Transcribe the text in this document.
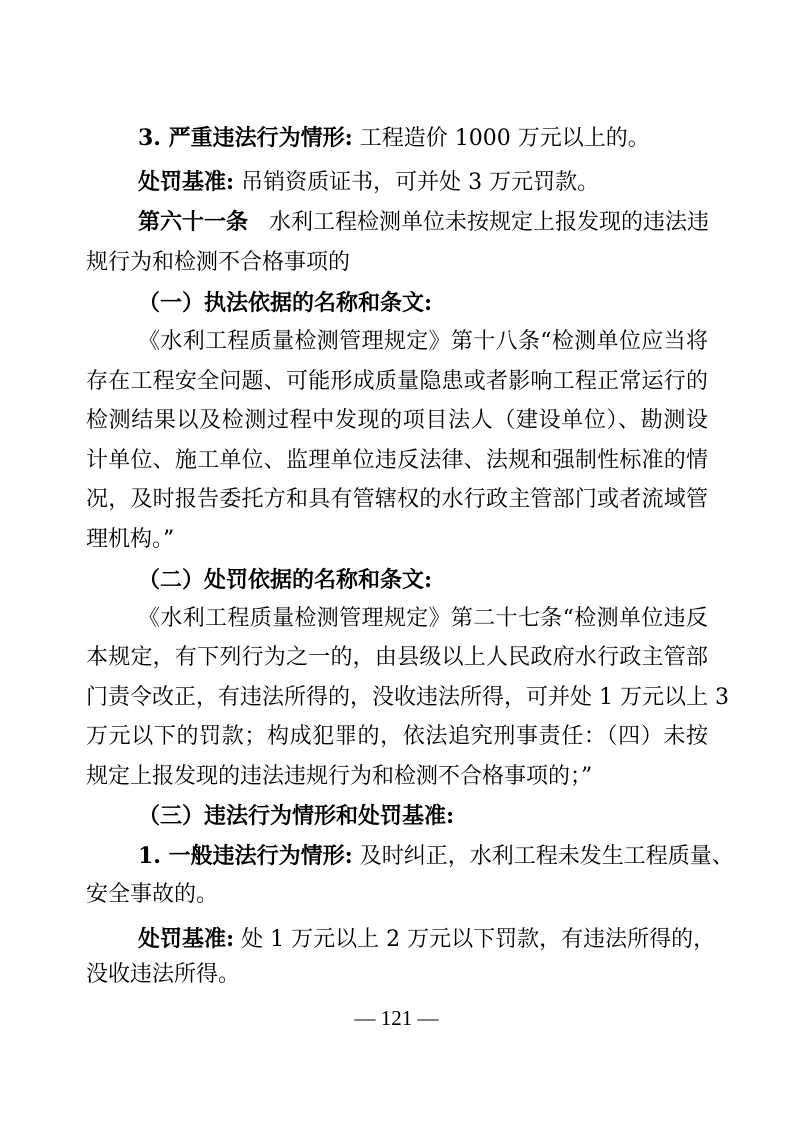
3. 严重违法行为情形: 工程造价 1000 万元以上的。
处罚基准: 吊销资质证书，可并处 3 万元罚款。
第六十一条 水利工程检测单位未按规定上报发现的违法违
规行为和检测不合格事项的
（一）执法依据的名称和条文:
《水利工程质量检测管理规定》第十八条“检测单位应当将
存在工程安全问题、可能形成质量隐患或者影响工程正常运行的
检测结果以及检测过程中发现的项目法人（建设单位）、勘测设
计单位、施工单位、监理单位违反法律、法规和强制性标准的情
况，及时报告委托方和具有管辖权的水行政主管部门或者流域管
理机构。”
（二）处罚依据的名称和条文:
《水利工程质量检测管理规定》第二十七条“检测单位违反
本规定，有下列行为之一的，由县级以上人民政府水行政主管部
门责令改正，有违法所得的，没收违法所得，可并处 1 万元以上 3
万元以下的罚款；构成犯罪的，依法追究刑事责任：（四）未按
规定上报发现的违法违规行为和检测不合格事项的；”
（三）违法行为情形和处罚基准:
1. 一般违法行为情形: 及时纠正，水利工程未发生工程质量、
安全事故的。
处罚基准: 处 1 万元以上 2 万元以下罚款，有违法所得的，
没收违法所得。
— 121 —
